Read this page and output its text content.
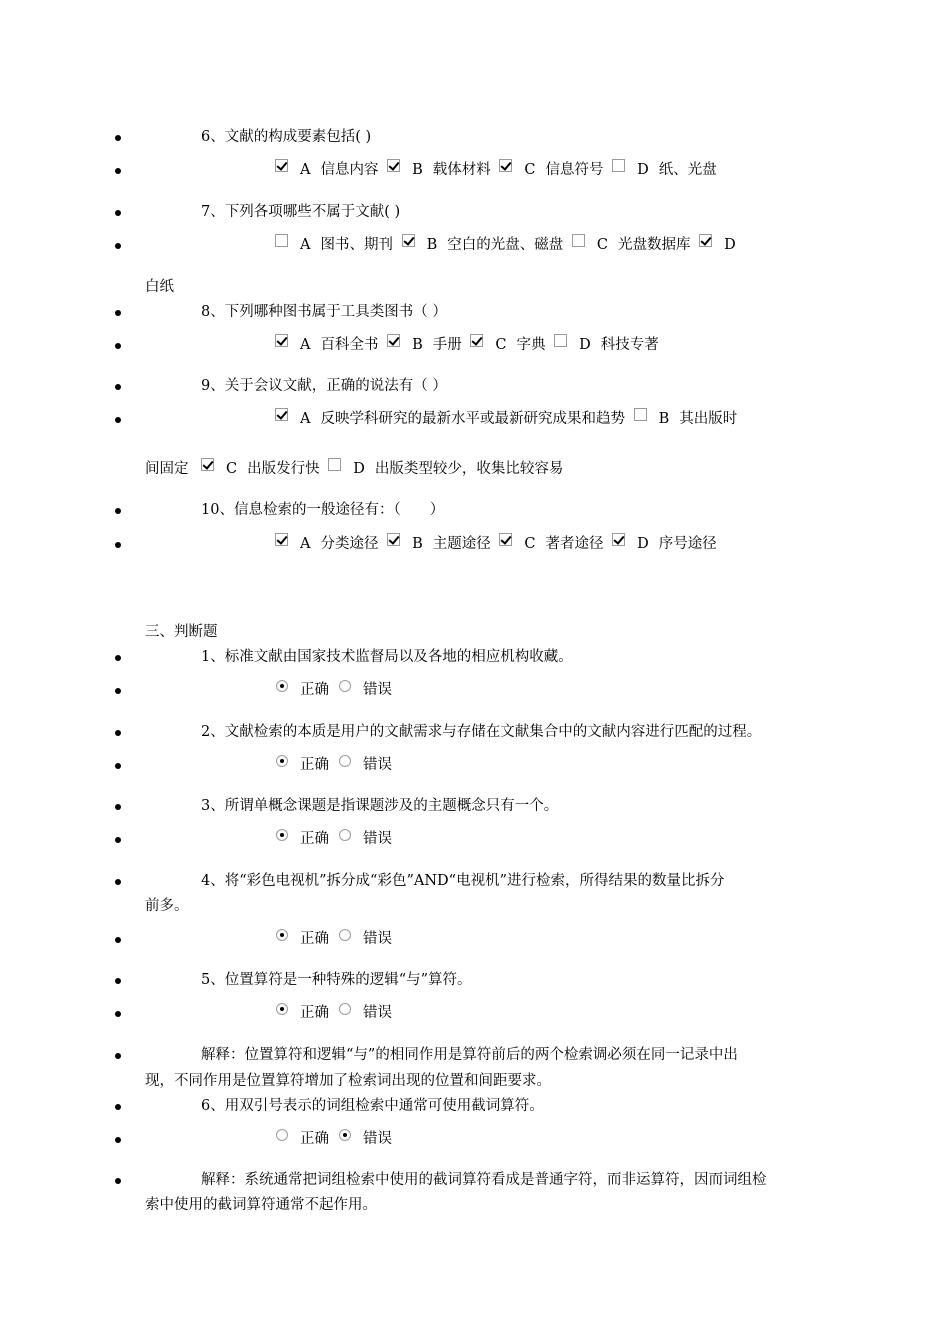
6、文献的构成要素包括( )
A 信息内容 B 载体材料 C 信息符号 D 纸、光盘
7、下列各项哪些不属于文献( )
A 图书、期刊 B 空白的光盘、磁盘 C 光盘数据库 D
白纸
8、下列哪种图书属于工具类图书（ ）
A 百科全书 B 手册 C 字典 D 科技专著
9、关于会议文献，正确的说法有（ ）
A 反映学科研究的最新水平或最新研究成果和趋势 B 其出版时
间固定	C 出版发行快 D 出版类型较少，收集比较容易
10、信息检索的一般途径有：（　　）
A 分类途径 B 主题途径 C 著者途径 D 序号途径
三、判断题
1、标准文献由国家技术监督局以及各地的相应机构收藏。
正确 错误
2、文献检索的本质是用户的文献需求与存储在文献集合中的文献内容进行匹配的过程。
正确 错误
3、所谓单概念课题是指课题涉及的主题概念只有一个。
正确 错误
4、将“彩色电视机”拆分成“彩色”AND“电视机”进行检索，所得结果的数量比拆分
前多。
正确 错误
5、位置算符是一种特殊的逻辑“与”算符。
正确 错误
解释：位置算符和逻辑“与”的相同作用是算符前后的两个检索调必须在同一记录中出
现，不同作用是位置算符增加了检索词出现的位置和间距要求。
6、用双引号表示的词组检索中通常可使用截词算符。
正确 错误
解释：系统通常把词组检索中使用的截词算符看成是普通字符，而非运算符，因而词组检
索中使用的截词算符通常不起作用。
